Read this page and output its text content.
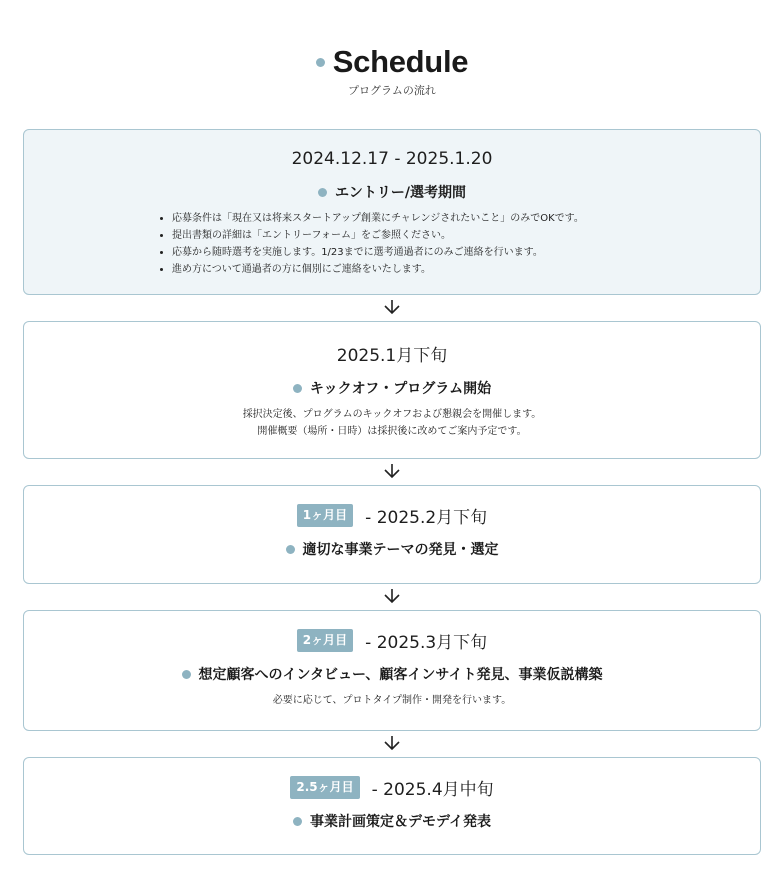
Schedule
プログラムの流れ
2024.12.17 - 2025.1.20
エントリー/選考期間
• 応募条件は「現在又は将来スタートアップ創業にチャレンジされたいこと」のみでOKです。
• 提出書類の詳細は「エントリーフォーム」をご参照ください。
• 応募から随時選考を実施します。1/23までに選考通過者にのみご連絡を行います。
• 進め方について通過者の方に個別にご連絡をいたします。
2025.1月下旬
キックオフ・プログラム開始
採択決定後、プログラムのキックオフおよび懇親会を開催します。
開催概要（場所・日時）は採択後に改めてご案内予定です。
1ヶ月目	- 2025.2月下旬
適切な事業テーマの発見・選定
2ヶ月目	- 2025.3月下旬
想定顧客へのインタビュー、顧客インサイト発見、事業仮説構築
必要に応じて、プロトタイプ制作・開発を行います。
2.5ヶ月目	- 2025.4月中旬
事業計画策定＆デモデイ発表
